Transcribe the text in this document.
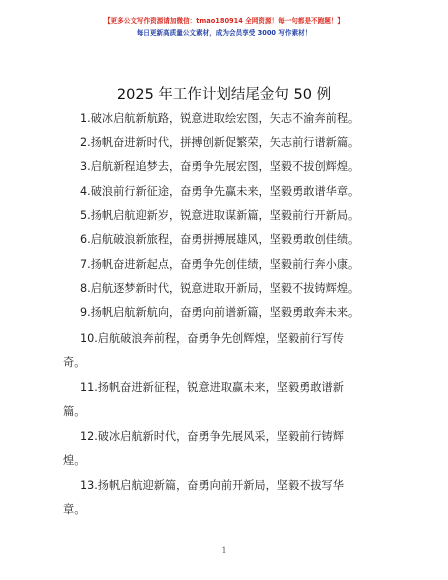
【更多公文写作资源请加微信：tmao180914 全网资源！每一句都是不跑题！】
每日更新高质量公文素材，成为会员享受 3000 写作素材！
2025 年工作计划结尾金句 50 例
1.破冰启航新航路，锐意进取绘宏图，矢志不渝奔前程。
2.扬帆奋进新时代，拼搏创新促繁荣，矢志前行谱新篇。
3.启航新程追梦去，奋勇争先展宏图，坚毅不拔创辉煌。
4.破浪前行新征途，奋勇争先赢未来，坚毅勇敢谱华章。
5.扬帆启航迎新岁，锐意进取谋新篇，坚毅前行开新局。
6.启航破浪新旅程，奋勇拼搏展雄风，坚毅勇敢创佳绩。
7.扬帆奋进新起点，奋勇争先创佳绩，坚毅前行奔小康。
8.启航逐梦新时代，锐意进取开新局，坚毅不拔铸辉煌。
9.扬帆启航新航向，奋勇向前谱新篇，坚毅勇敢奔未来。
10.启航破浪奔前程，奋勇争先创辉煌，坚毅前行写传
奇。
11.扬帆奋进新征程，锐意进取赢未来，坚毅勇敢谱新
篇。
12.破冰启航新时代，奋勇争先展风采，坚毅前行铸辉
煌。
13.扬帆启航迎新篇，奋勇向前开新局，坚毅不拔写华
章。
1
